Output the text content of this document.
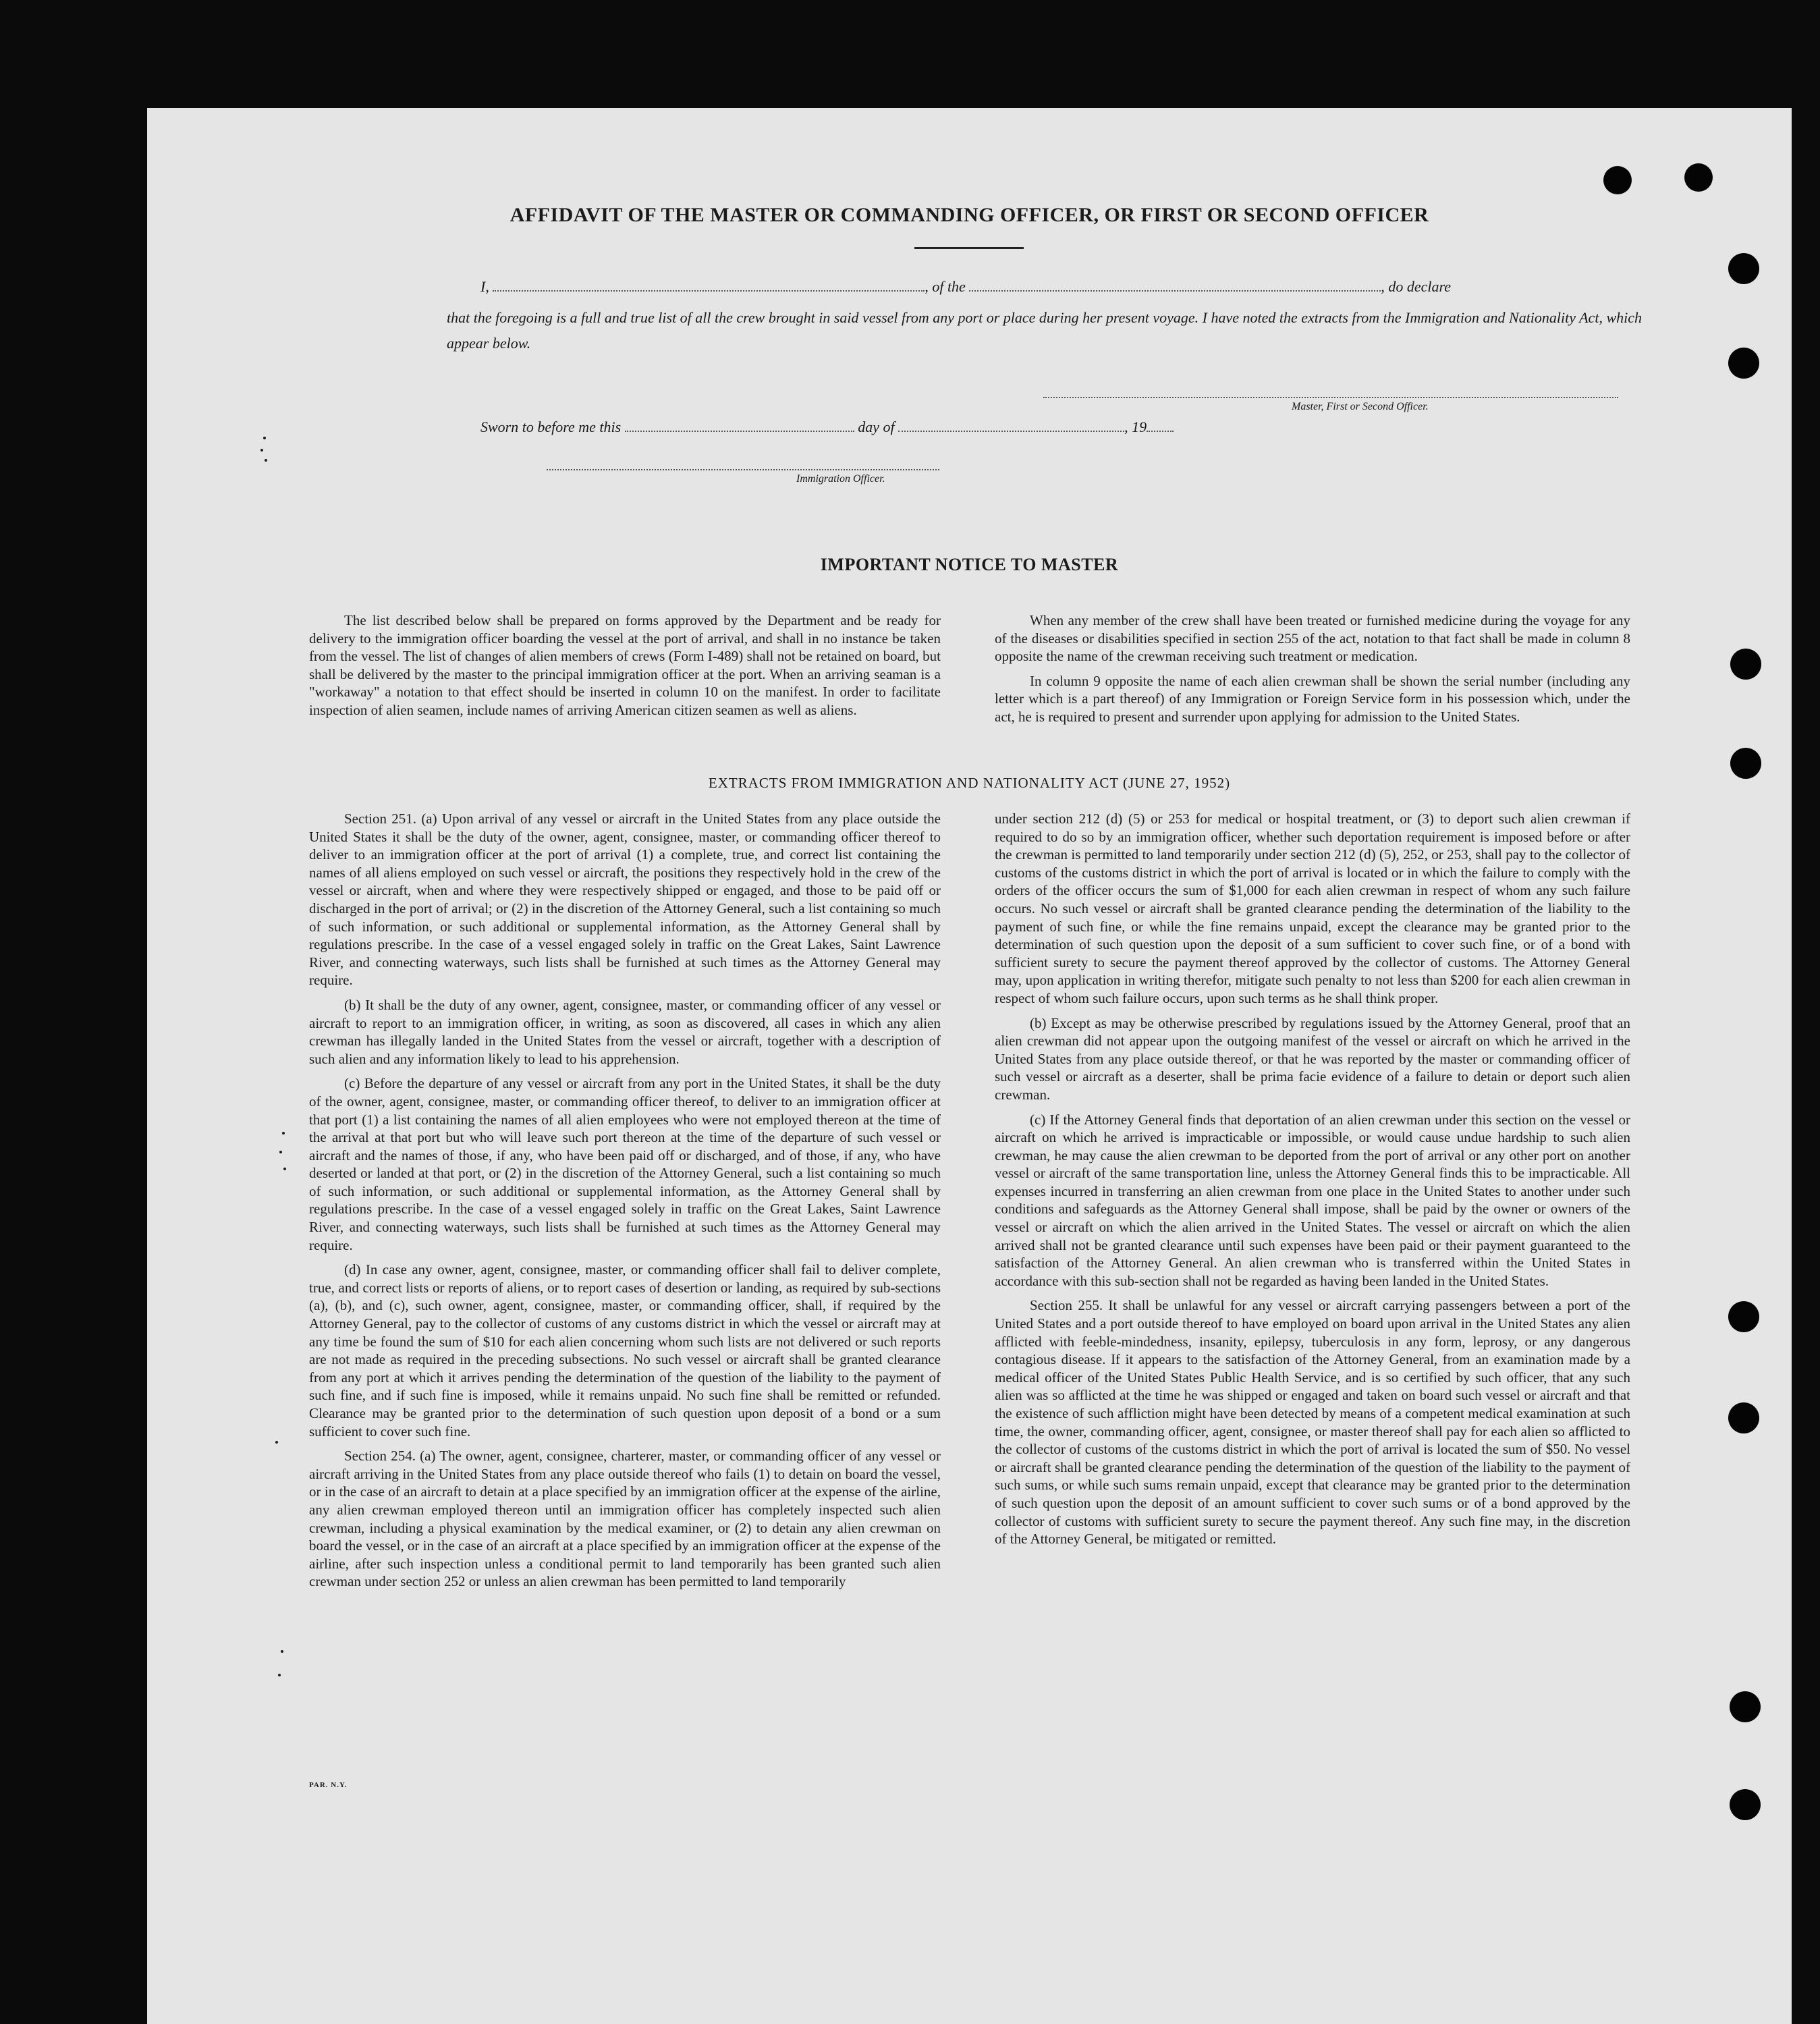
AFFIDAVIT OF THE MASTER OR COMMANDING OFFICER, OR FIRST OR SECOND OFFICER
I,	, of the	, do declare
that the foregoing is a full and true list of all the crew brought in said vessel from any port or place during her present voyage. I have noted the extracts from the Immigration and Nationality Act, which appear below.
Master, First or Second Officer.
Sworn to before me this	day of	, 19
Immigration Officer.
IMPORTANT NOTICE TO MASTER

The list described below shall be prepared on forms approved by the Department and be ready for delivery to the immigration officer boarding the vessel at the port of arrival, and shall in no instance be taken from the vessel. The list of changes of alien members of crews (Form I-489) shall not be retained on board, but shall be delivered by the master to the principal immigration officer at the port. When an arriving seaman is a "workaway" a notation to that effect should be inserted in column 10 on the manifest. In order to facilitate inspection of alien seamen, include names of arriving American citizen seamen as well as aliens.

When any member of the crew shall have been treated or furnished medicine during the voyage for any of the diseases or disabilities specified in section 255 of the act, notation to that fact shall be made in column 8 opposite the name of the crewman receiving such treatment or medication.

In column 9 opposite the name of each alien crewman shall be shown the serial number (including any letter which is a part thereof) of any Immigration or Foreign Service form in his possession which, under the act, he is required to present and surrender upon applying for admission to the United States.

EXTRACTS FROM IMMIGRATION AND NATIONALITY ACT (JUNE 27, 1952)

Section 251. (a) Upon arrival of any vessel or aircraft in the United States from any place outside the United States it shall be the duty of the owner, agent, consignee, master, or commanding officer thereof to deliver to an immigration officer at the port of arrival (1) a complete, true, and correct list containing the names of all aliens employed on such vessel or aircraft, the positions they respectively hold in the crew of the vessel or aircraft, when and where they were respectively shipped or engaged, and those to be paid off or discharged in the port of arrival; or (2) in the discretion of the Attorney General, such a list containing so much of such information, or such additional or supplemental information, as the Attorney General shall by regulations prescribe. In the case of a vessel engaged solely in traffic on the Great Lakes, Saint Lawrence River, and connecting waterways, such lists shall be furnished at such times as the Attorney General may require.

(b) It shall be the duty of any owner, agent, consignee, master, or commanding officer of any vessel or aircraft to report to an immigration officer, in writing, as soon as discovered, all cases in which any alien crewman has illegally landed in the United States from the vessel or aircraft, together with a description of such alien and any information likely to lead to his apprehension.

(c) Before the departure of any vessel or aircraft from any port in the United States, it shall be the duty of the owner, agent, consignee, master, or commanding officer thereof, to deliver to an immigration officer at that port (1) a list containing the names of all alien employees who were not employed thereon at the time of the arrival at that port but who will leave such port thereon at the time of the departure of such vessel or aircraft and the names of those, if any, who have been paid off or discharged, and of those, if any, who have deserted or landed at that port, or (2) in the discretion of the Attorney General, such a list containing so much of such information, or such additional or supplemental information, as the Attorney General shall by regulations prescribe. In the case of a vessel engaged solely in traffic on the Great Lakes, Saint Lawrence River, and connecting waterways, such lists shall be furnished at such times as the Attorney General may require.

(d) In case any owner, agent, consignee, master, or commanding officer shall fail to deliver complete, true, and correct lists or reports of aliens, or to report cases of desertion or landing, as required by sub-sections (a), (b), and (c), such owner, agent, consignee, master, or commanding officer, shall, if required by the Attorney General, pay to the collector of customs of any customs district in which the vessel or aircraft may at any time be found the sum of $10 for each alien concerning whom such lists are not delivered or such reports are not made as required in the preceding subsections. No such vessel or aircraft shall be granted clearance from any port at which it arrives pending the determination of the question of the liability to the payment of such fine, and if such fine is imposed, while it remains unpaid. No such fine shall be remitted or refunded. Clearance may be granted prior to the determination of such question upon deposit of a bond or a sum sufficient to cover such fine.

Section 254. (a) The owner, agent, consignee, charterer, master, or commanding officer of any vessel or aircraft arriving in the United States from any place outside thereof who fails (1) to detain on board the vessel, or in the case of an aircraft to detain at a place specified by an immigration officer at the expense of the airline, any alien crewman employed thereon until an immigration officer has completely inspected such alien crewman, including a physical examination by the medical examiner, or (2) to detain any alien crewman on board the vessel, or in the case of an aircraft at a place specified by an immigration officer at the expense of the airline, after such inspection unless a conditional permit to land temporarily has been granted such alien crewman under section 252 or unless an alien crewman has been permitted to land temporarily

under section 212 (d) (5) or 253 for medical or hospital treatment, or (3) to deport such alien crewman if required to do so by an immigration officer, whether such deportation requirement is imposed before or after the crewman is permitted to land temporarily under section 212 (d) (5), 252, or 253, shall pay to the collector of customs of the customs district in which the port of arrival is located or in which the failure to comply with the orders of the officer occurs the sum of $1,000 for each alien crewman in respect of whom any such failure occurs. No such vessel or aircraft shall be granted clearance pending the determination of the liability to the payment of such fine, or while the fine remains unpaid, except the clearance may be granted prior to the determination of such question upon the deposit of a sum sufficient to cover such fine, or of a bond with sufficient surety to secure the payment thereof approved by the collector of customs. The Attorney General may, upon application in writing therefor, mitigate such penalty to not less than $200 for each alien crewman in respect of whom such failure occurs, upon such terms as he shall think proper.

(b) Except as may be otherwise prescribed by regulations issued by the Attorney General, proof that an alien crewman did not appear upon the outgoing manifest of the vessel or aircraft on which he arrived in the United States from any place outside thereof, or that he was reported by the master or commanding officer of such vessel or aircraft as a deserter, shall be prima facie evidence of a failure to detain or deport such alien crewman.

(c) If the Attorney General finds that deportation of an alien crewman under this section on the vessel or aircraft on which he arrived is impracticable or impossible, or would cause undue hardship to such alien crewman, he may cause the alien crewman to be deported from the port of arrival or any other port on another vessel or aircraft of the same transportation line, unless the Attorney General finds this to be impracticable. All expenses incurred in transferring an alien crewman from one place in the United States to another under such conditions and safeguards as the Attorney General shall impose, shall be paid by the owner or owners of the vessel or aircraft on which the alien arrived in the United States. The vessel or aircraft on which the alien arrived shall not be granted clearance until such expenses have been paid or their payment guaranteed to the satisfaction of the Attorney General. An alien crewman who is transferred within the United States in accordance with this sub-section shall not be regarded as having been landed in the United States.

Section 255. It shall be unlawful for any vessel or aircraft carrying passengers between a port of the United States and a port outside thereof to have employed on board upon arrival in the United States any alien afflicted with feeble-mindedness, insanity, epilepsy, tuberculosis in any form, leprosy, or any dangerous contagious disease. If it appears to the satisfaction of the Attorney General, from an examination made by a medical officer of the United States Public Health Service, and is so certified by such officer, that any such alien was so afflicted at the time he was shipped or engaged and taken on board such vessel or aircraft and that the existence of such affliction might have been detected by means of a competent medical examination at such time, the owner, commanding officer, agent, consignee, or master thereof shall pay for each alien so afflicted to the collector of customs of the customs district in which the port of arrival is located the sum of $50. No vessel or aircraft shall be granted clearance pending the determination of the question of the liability to the payment of such sums, or while such sums remain unpaid, except that clearance may be granted prior to the determination of such question upon the deposit of an amount sufficient to cover such sums or of a bond approved by the collector of customs with sufficient surety to secure the payment thereof. Any such fine may, in the discretion of the Attorney General, be mitigated or remitted.

PAR. N.Y.
